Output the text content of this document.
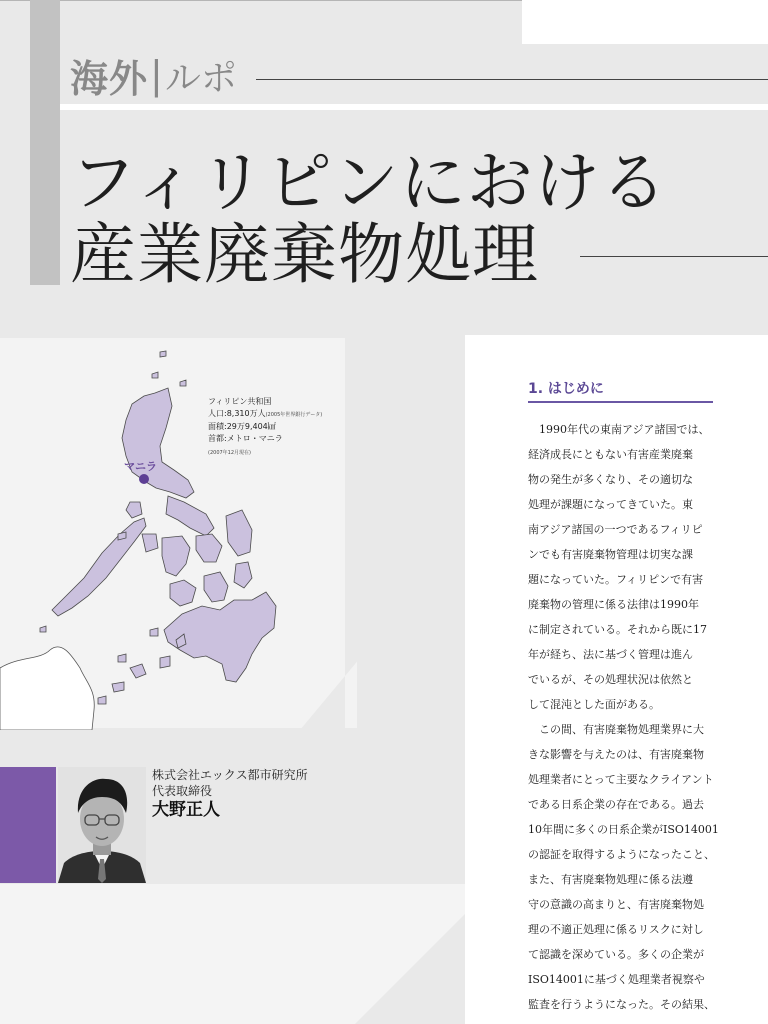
海外 | ルポ
フィリピンにおける
産業廃棄物処理
マニラ
フィリピン共和国
人口:8,310万人(2005年世界銀行データ)
面積:29万9,404㎢
首都:メトロ・マニラ
(2007年12月現在)
株式会社エックス都市研究所
代表取締役
大野正人
1. はじめに
　1990年代の東南アジア諸国では、
経済成長にともない有害産業廃棄
物の発生が多くなり、その適切な
処理が課題になってきていた。東
南アジア諸国の一つであるフィリピ
ンでも有害廃棄物管理は切実な課
題になっていた。フィリピンで有害
廃棄物の管理に係る法律は1990年
に制定されている。それから既に17
年が経ち、法に基づく管理は進ん
でいるが、その処理状況は依然と
して混沌とした面がある。
　この間、有害廃棄物処理業界に大
きな影響を与えたのは、有害廃棄物
処理業者にとって主要なクライアント
である日系企業の存在である。過去
10年間に多くの日系企業がISO14001
の認証を取得するようになったこと、
また、有害廃棄物処理に係る法遵
守の意識の高まりと、有害廃棄物処
理の不適正処理に係るリスクに対し
て認識を深めている。多くの企業が
ISO14001に基づく処理業者視察や
監査を行うようになった。その結果、
